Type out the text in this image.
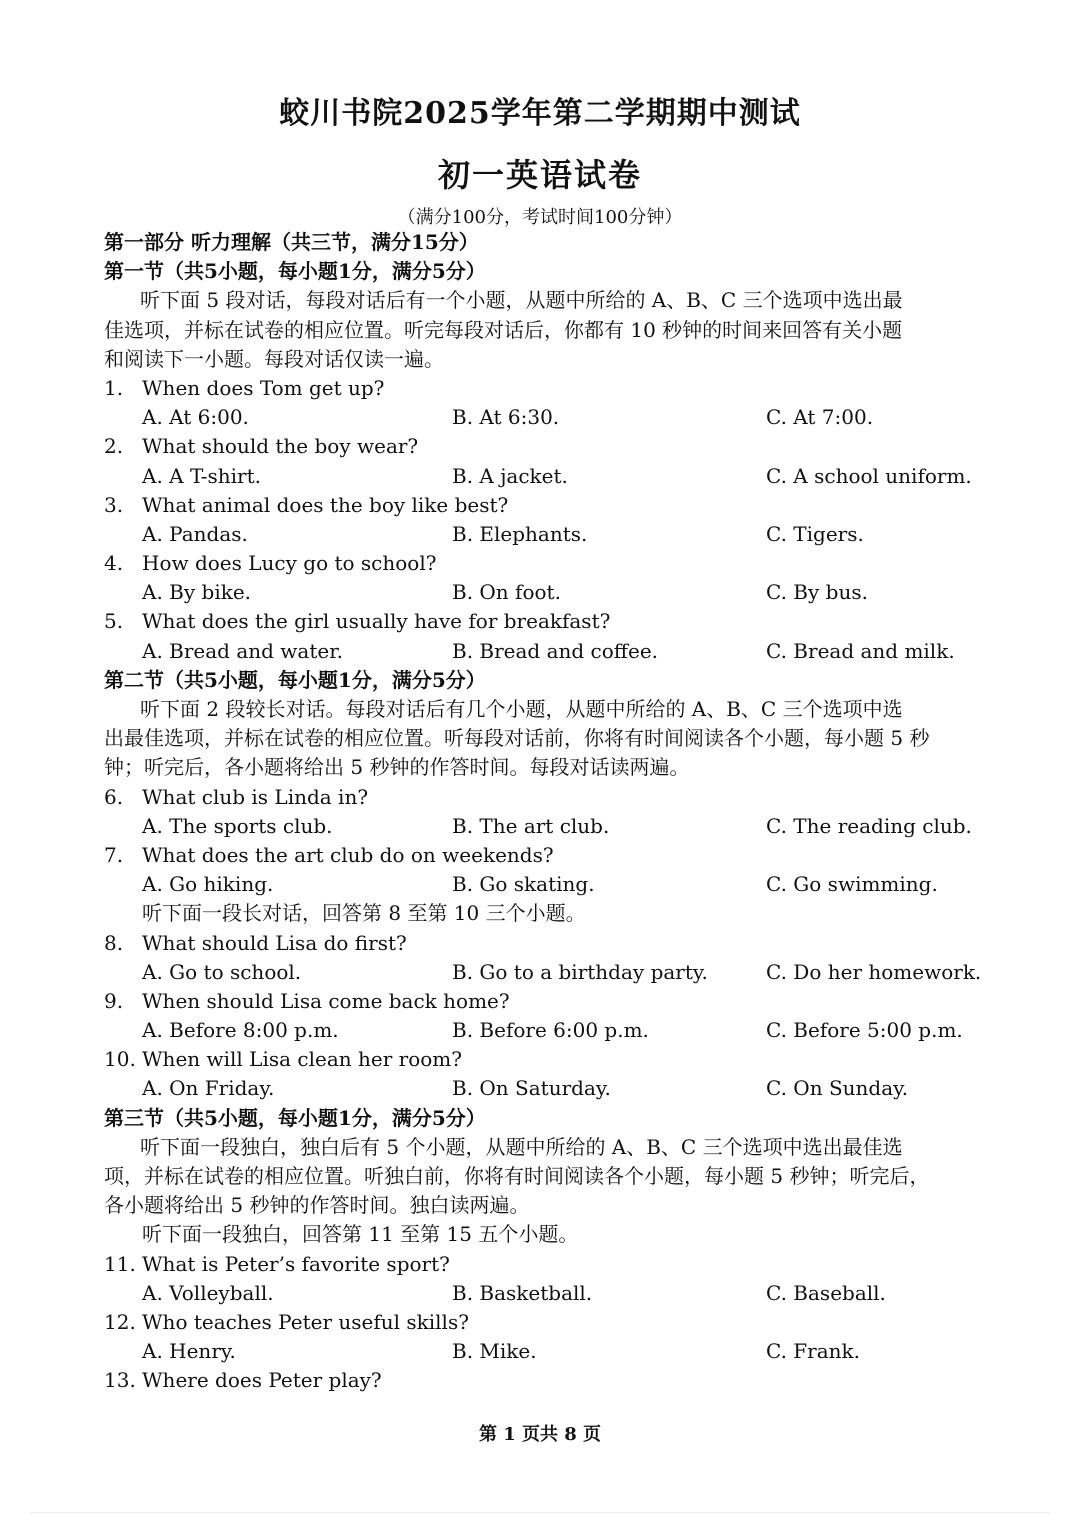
蛟川书院2025学年第二学期期中测试
初一英语试卷
（满分100分，考试时间100分钟）
第一部分 听力理解（共三节，满分15分）
第一节（共5小题，每小题1分，满分5分）
听下面 5 段对话，每段对话后有一个小题，从题中所给的 A、B、C 三个选项中选出最
佳选项，并标在试卷的相应位置。听完每段对话后，你都有 10 秒钟的时间来回答有关小题
和阅读下一小题。每段对话仅读一遍。
1. When does Tom get up?
A. At 6:00.	B. At 6:30.	C. At 7:00.
2. What should the boy wear?
A. A T-shirt.	B. A jacket.	C. A school uniform.
3. What animal does the boy like best?
A. Pandas.	B. Elephants.	C. Tigers.
4. How does Lucy go to school?
A. By bike.	B. On foot.	C. By bus.
5. What does the girl usually have for breakfast?
A. Bread and water.	B. Bread and coffee.	C. Bread and milk.
第二节（共5小题，每小题1分，满分5分）
听下面 2 段较长对话。每段对话后有几个小题，从题中所给的 A、B、C 三个选项中选
出最佳选项，并标在试卷的相应位置。听每段对话前，你将有时间阅读各个小题，每小题 5 秒
钟；听完后，各小题将给出 5 秒钟的作答时间。每段对话读两遍。
6. What club is Linda in?
A. The sports club.	B. The art club.	C. The reading club.
7. What does the art club do on weekends?
A. Go hiking.	B. Go skating.	C. Go swimming.
听下面一段长对话，回答第 8 至第 10 三个小题。
8. What should Lisa do first?
A. Go to school.	B. Go to a birthday party.	C. Do her homework.
9. When should Lisa come back home?
A. Before 8:00 p.m.	B. Before 6:00 p.m.	C. Before 5:00 p.m.
10. When will Lisa clean her room?
A. On Friday.	B. On Saturday.	C. On Sunday.
第三节（共5小题，每小题1分，满分5分）
听下面一段独白，独白后有 5 个小题，从题中所给的 A、B、C 三个选项中选出最佳选
项，并标在试卷的相应位置。听独白前，你将有时间阅读各个小题，每小题 5 秒钟；听完后，
各小题将给出 5 秒钟的作答时间。独白读两遍。
听下面一段独白，回答第 11 至第 15 五个小题。
11. What is Peter’s favorite sport?
A. Volleyball.	B. Basketball.	C. Baseball.
12. Who teaches Peter useful skills?
A. Henry.	B. Mike.	C. Frank.
13. Where does Peter play?
第 1 页共 8 页
